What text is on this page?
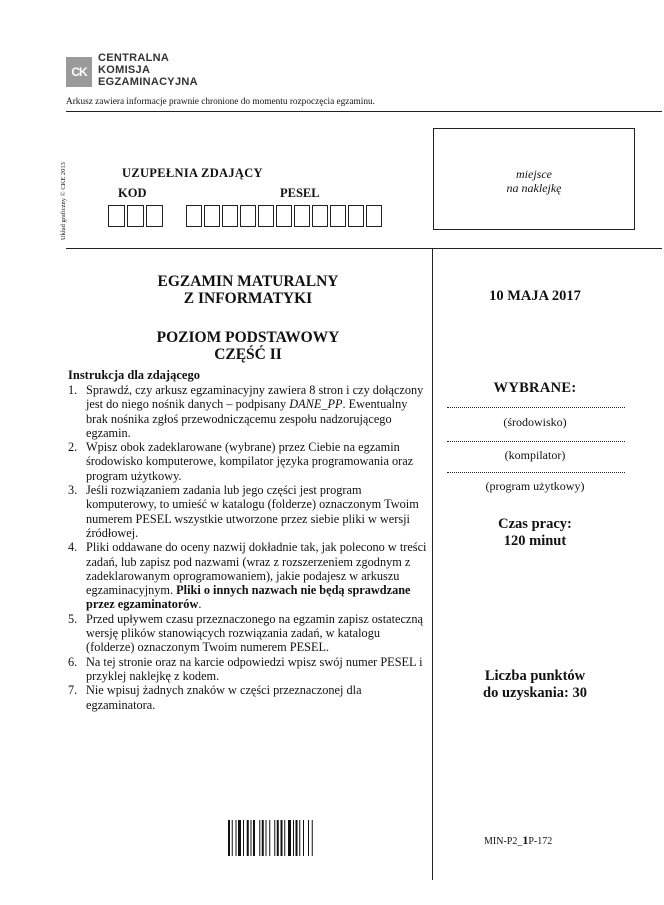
CK
CENTRALNA
KOMISJA
EGZAMINACYJNA
Arkusz zawiera informacje prawnie chronione do momentu rozpoczęcia egzaminu.
Układ graficzny © CKE 2013	UZUPEŁNIA ZDAJĄCY
KOD	PESEL
miejsce
na naklejkę
EGZAMIN MATURALNY
Z INFORMATYKI
POZIOM PODSTAWOWY
CZĘŚĆ II
Instrukcja dla zdającego
1. Sprawdź, czy arkusz egzaminacyjny zawiera 8 stron i czy dołączony jest do niego nośnik danych – podpisany DANE_PP. Ewentualny brak nośnika zgłoś przewodniczącemu zespołu nadzorującego egzamin.
2. Wpisz obok zadeklarowane (wybrane) przez Ciebie na egzamin środowisko komputerowe, kompilator języka programowania oraz program użytkowy.
3. Jeśli rozwiązaniem zadania lub jego części jest program komputerowy, to umieść w katalogu (folderze) oznaczonym Twoim numerem PESEL wszystkie utworzone przez siebie pliki w wersji źródłowej.
4. Pliki oddawane do oceny nazwij dokładnie tak, jak polecono w treści zadań, lub zapisz pod nazwami (wraz z rozszerzeniem zgodnym z zadeklarowanym oprogramowaniem), jakie podajesz w arkuszu egzaminacyjnym. Pliki o innych nazwach nie będą sprawdzane przez egzaminatorów.
5. Przed upływem czasu przeznaczonego na egzamin zapisz ostateczną wersję plików stanowiących rozwiązania zadań, w katalogu (folderze) oznaczonym Twoim numerem PESEL.
6. Na tej stronie oraz na karcie odpowiedzi wpisz swój numer PESEL i przyklej naklejkę z kodem.
7. Nie wpisuj żadnych znaków w części przeznaczonej dla egzaminatora.
10 MAJA 2017
WYBRANE:
(środowisko)
(kompilator)
(program użytkowy)
Czas pracy:
120 minut
Liczba punktów
do uzyskania: 30
MIN-P2_1P-172
